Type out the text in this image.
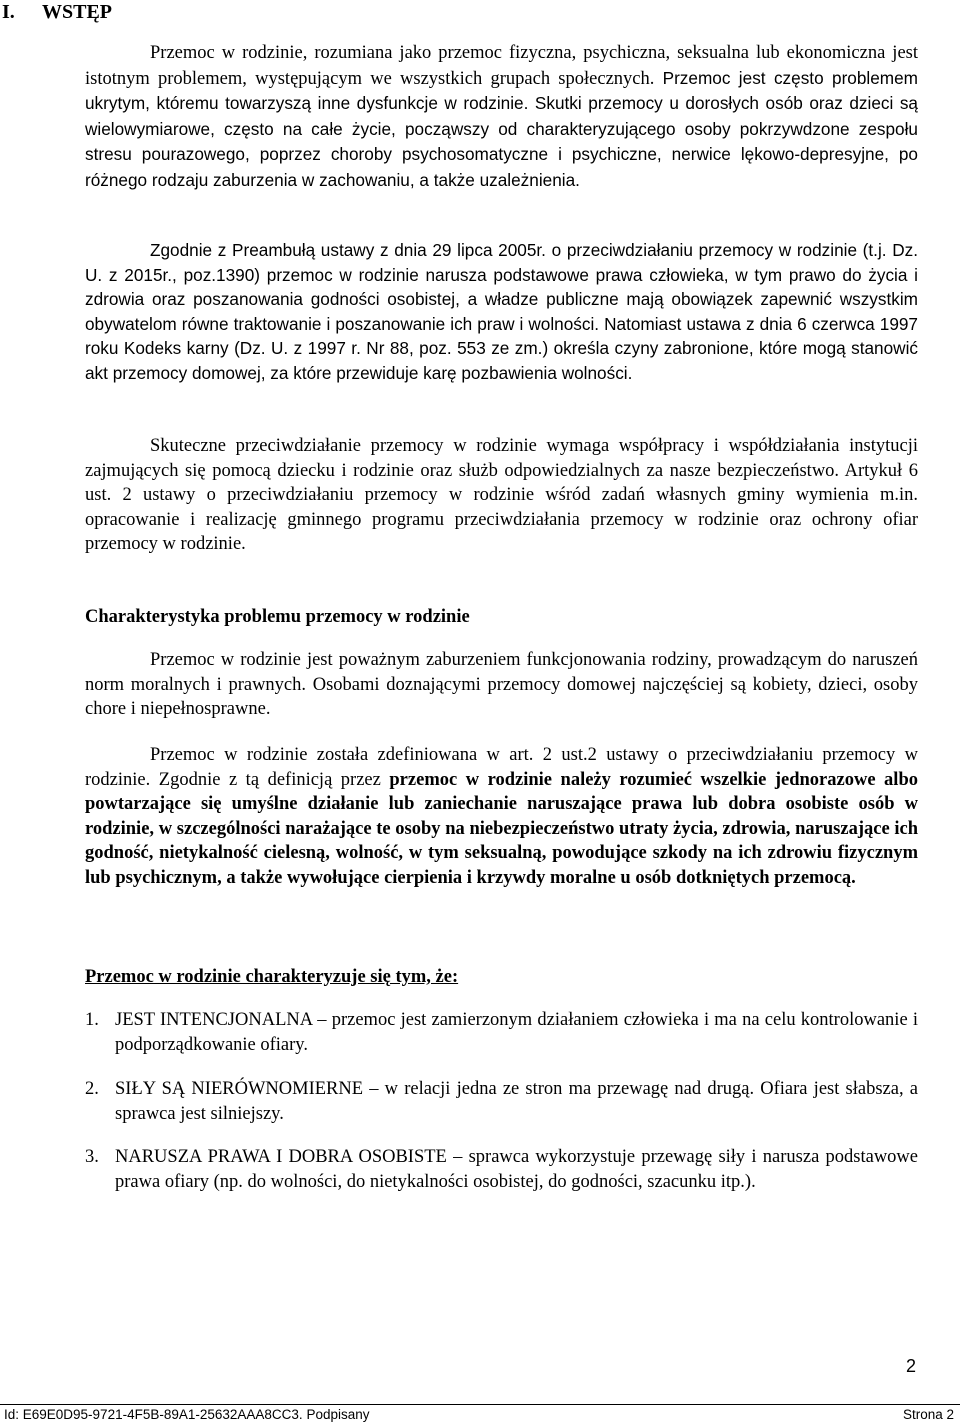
I. WSTĘP

Przemoc w rodzinie, rozumiana jako przemoc fizyczna, psychiczna, seksualna lub ekonomiczna jest istotnym problemem, występującym we wszystkich grupach społecznych. Przemoc jest często problemem ukrytym, któremu towarzyszą inne dysfunkcje w rodzinie. Skutki przemocy u dorosłych osób oraz dzieci są wielowymiarowe, często na całe życie, począwszy od charakteryzującego osoby pokrzywdzone zespołu stresu pourazowego, poprzez choroby psychosomatyczne i psychiczne, nerwice lękowo-depresyjne, po różnego rodzaju zaburzenia w zachowaniu, a także uzależnienia.

Zgodnie z Preambułą ustawy z dnia 29 lipca 2005r. o przeciwdziałaniu przemocy w rodzinie (t.j. Dz. U. z 2015r., poz.1390) przemoc w rodzinie narusza podstawowe prawa człowieka, w tym prawo do życia i zdrowia oraz poszanowania godności osobistej, a władze publiczne mają obowiązek zapewnić wszystkim obywatelom równe traktowanie i poszanowanie ich praw i wolności. Natomiast ustawa z dnia 6 czerwca 1997 roku Kodeks karny (Dz. U. z 1997 r. Nr 88, poz. 553 ze zm.) określa czyny zabronione, które mogą stanowić akt przemocy domowej, za które przewiduje karę pozbawienia wolności.

Skuteczne przeciwdziałanie przemocy w rodzinie wymaga współpracy i współdziałania instytucji zajmujących się pomocą dziecku i rodzinie oraz służb odpowiedzialnych za nasze bezpieczeństwo. Artykuł 6 ust. 2 ustawy o przeciwdziałaniu przemocy w rodzinie wśród zadań własnych gminy wymienia m.in. opracowanie i realizację gminnego programu przeciwdziałania przemocy w rodzinie oraz ochrony ofiar przemocy w rodzinie.

Charakterystyka problemu przemocy w rodzinie

Przemoc w rodzinie jest poważnym zaburzeniem funkcjonowania rodziny, prowadzącym do naruszeń norm moralnych i prawnych. Osobami doznającymi przemocy domowej najczęściej są kobiety, dzieci, osoby chore i niepełnosprawne.

Przemoc w rodzinie została zdefiniowana w art. 2 ust.2 ustawy o przeciwdziałaniu przemocy w rodzinie. Zgodnie z tą definicją przez przemoc w rodzinie należy rozumieć wszelkie jednorazowe albo powtarzające się umyślne działanie lub zaniechanie naruszające prawa lub dobra osobiste osób w rodzinie, w szczególności narażające te osoby na niebezpieczeństwo utraty życia, zdrowia, naruszające ich godność, nietykalność cielesną, wolność, w tym seksualną, powodujące szkody na ich zdrowiu fizycznym lub psychicznym, a także wywołujące cierpienia i krzywdy moralne u osób dotkniętych przemocą.

Przemoc w rodzinie charakteryzuje się tym, że:
1. JEST INTENCJONALNA – przemoc jest zamierzonym działaniem człowieka i ma na celu kontrolowanie i podporządkowanie ofiary.
2. SIŁY SĄ NIERÓWNOMIERNE – w relacji jedna ze stron ma przewagę nad drugą. Ofiara jest słabsza, a sprawca jest silniejszy.
3. NARUSZA PRAWA I DOBRA OSOBISTE – sprawca wykorzystuje przewagę siły i narusza podstawowe prawa ofiary (np. do wolności, do nietykalności osobistej, do godności, szacunku itp.).
2
Id: E69E0D95-9721-4F5B-89A1-25632AAA8CC3. Podpisany	Strona 2
